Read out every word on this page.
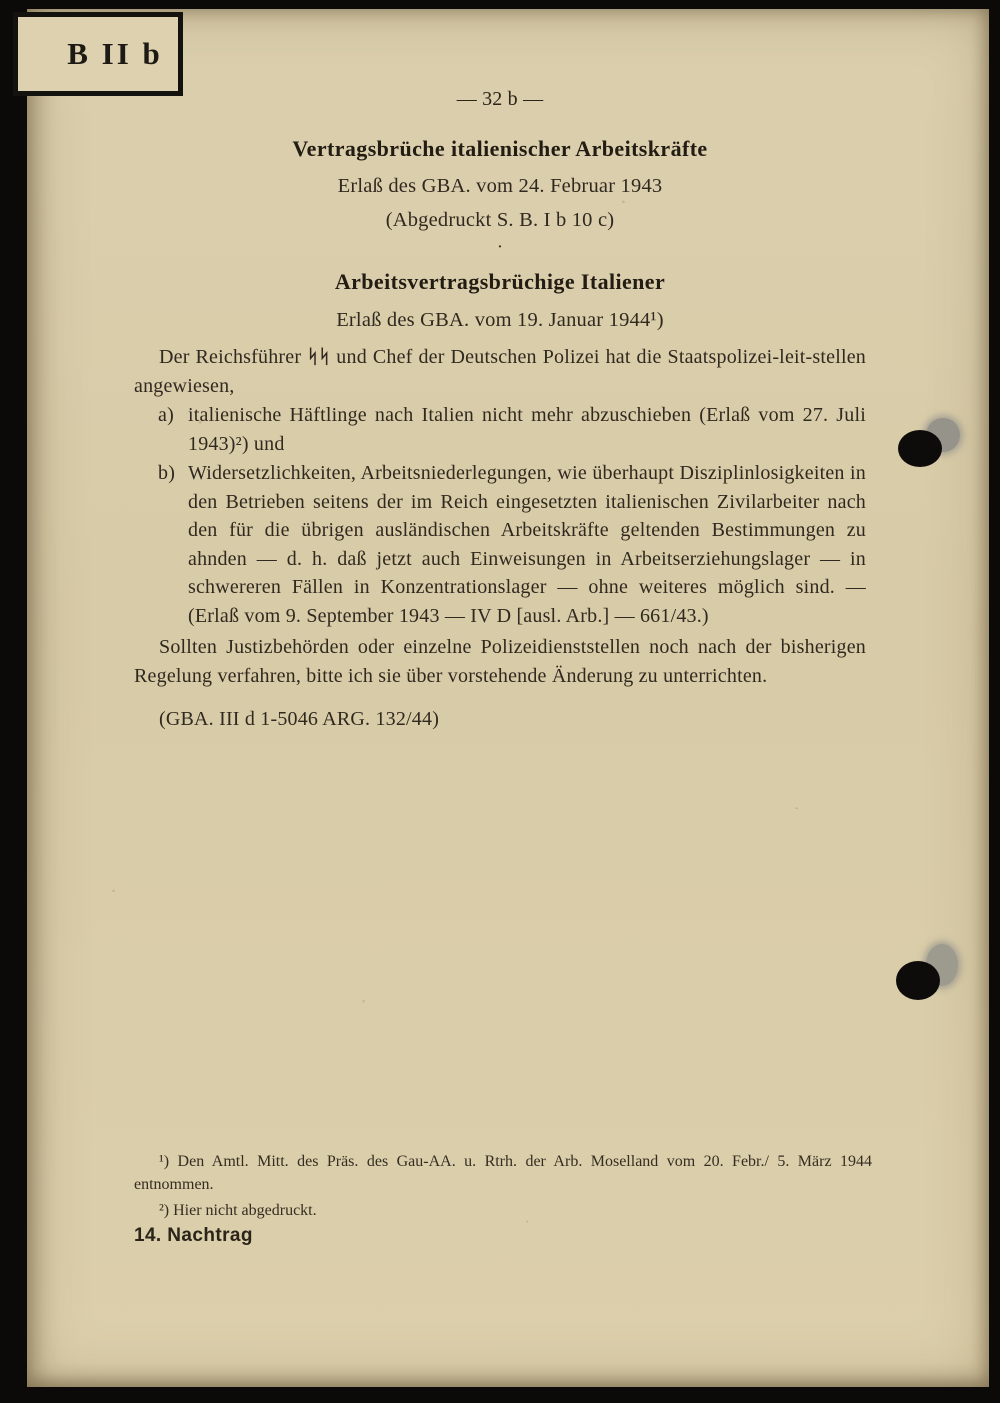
— 32 b —
Vertragsbrüche italienischer Arbeitskräfte
Erlaß des GBA. vom 24. Februar 1943
(Abgedruckt S. B. I b 10 c)
·
Arbeitsvertragsbrüchige Italiener
Erlaß des GBA. vom 19. Januar 1944¹)
Der Reichsführer ᛋᛋ und Chef der Deutschen Polizei hat die Staatspolizei-leit-stellen angewiesen,
a) italienische Häftlinge nach Italien nicht mehr abzuschieben (Erlaß vom 27. Juli 1943)²) und
b) Widersetzlichkeiten, Arbeitsniederlegungen, wie überhaupt Disziplinlosigkeiten in den Betrieben seitens der im Reich eingesetzten italienischen Zivilarbeiter nach den für die übrigen ausländischen Arbeitskräfte geltenden Bestimmungen zu ahnden — d. h. daß jetzt auch Einweisungen in Arbeitserziehungslager — in schwereren Fällen in Konzentrationslager — ohne weiteres möglich sind. — (Erlaß vom 9. September 1943 — IV D [ausl. Arb.] — 661/43.)
Sollten Justizbehörden oder einzelne Polizeidienststellen noch nach der bisherigen Regelung verfahren, bitte ich sie über vorstehende Änderung zu unterrichten.
(GBA. III d 1-5046 ARG. 132/44)
¹) Den Amtl. Mitt. des Präs. des Gau-AA. u. Rtrh. der Arb. Moselland vom 20. Febr./ 5. März 1944 entnommen.
²) Hier nicht abgedruckt.
14. Nachtrag
B II b
